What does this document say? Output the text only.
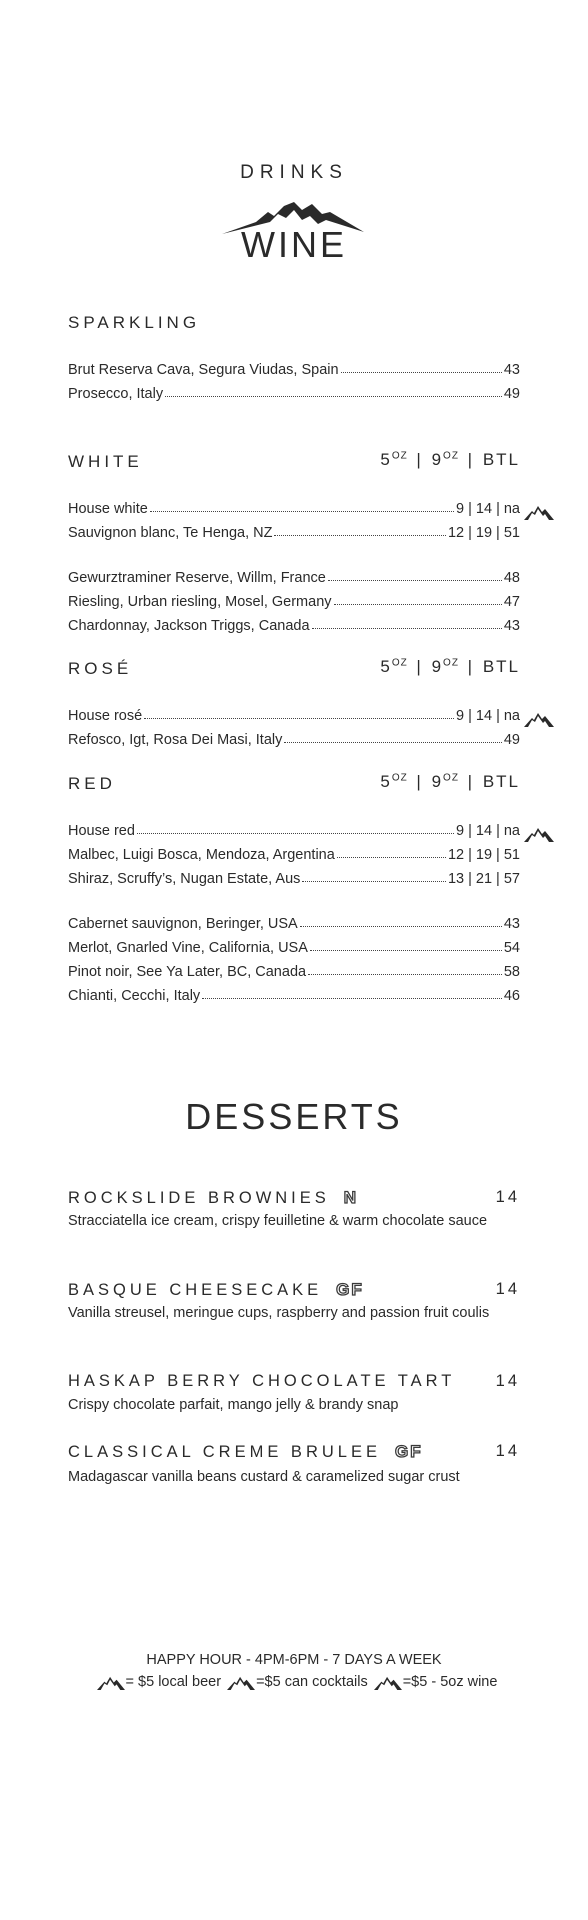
DRINKS
WINE
SPARKLING
Brut Reserva Cava, Segura Viudas, Spain	43
Prosecco, Italy	49
WHITE	$5^{OZ}$ | $9^{OZ}$ | BTL
House white	9 | 14 | na
Sauvignon blanc, Te Henga, NZ	12 | 19 | 51
Gewurztraminer Reserve, Willm, France	48
Riesling, Urban riesling, Mosel, Germany	47
Chardonnay, Jackson Triggs, Canada	43
ROSÉ	$5^{OZ}$ | $9^{OZ}$ | BTL
House rosé	9 | 14 | na
Refosco, Igt, Rosa Dei Masi, Italy	49
RED	$5^{OZ}$ | $9^{OZ}$ | BTL
House red	9 | 14 | na
Malbec, Luigi Bosca, Mendoza, Argentina	12 | 19 | 51
Shiraz, Scruffy’s, Nugan Estate, Aus	13 | 21 | 57
Cabernet sauvignon, Beringer, USA	43
Merlot, Gnarled Vine, California, USA	54
Pinot noir, See Ya Later, BC, Canada	58
Chianti, Cecchi, Italy	46
DESSERTS
ROCKSLIDE BROWNIES N	14
Stracciatella ice cream, crispy feuilletine & warm chocolate sauce
BASQUE CHEESECAKE GF	14
Vanilla streusel, meringue cups, raspberry and passion fruit coulis
HASKAP BERRY CHOCOLATE TART 14
Crispy chocolate parfait, mango jelly & brandy snap
CLASSICAL CREME BRULEE GF	14
Madagascar vanilla beans custard & caramelized sugar crust
HAPPY HOUR - 4PM-6PM - 7 DAYS A WEEK
= $5 local beer =$5 can cocktails =$5 - 5oz wine
